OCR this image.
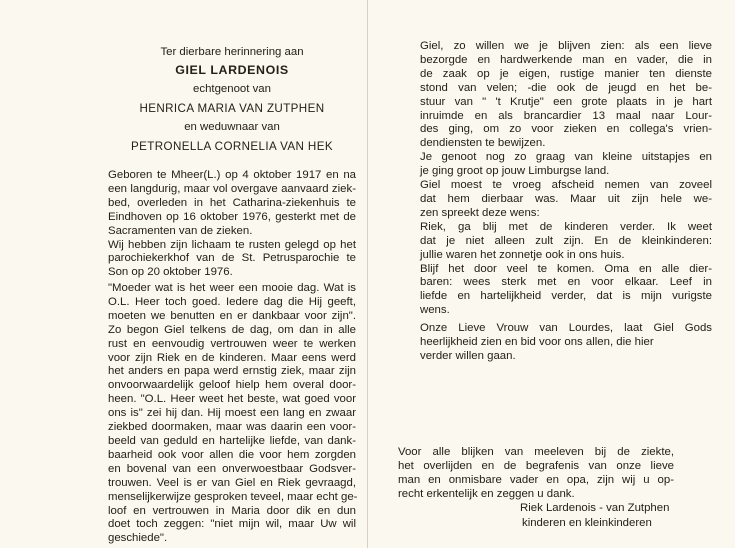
Ter dierbare herinnering aan
GIEL LARDENOIS
echtgenoot van
HENRICA MARIA VAN ZUTPHEN
en weduwnaar van
PETRONELLA CORNELIA VAN HEK
Geboren te Mheer(L.) op 4 oktober 1917 en na
een langdurig, maar vol overgave aanvaard ziek-
bed, overleden in het Catharina-ziekenhuis te
Eindhoven op 16 oktober 1976, gesterkt met de
Sacramenten van de zieken.
Wij hebben zijn lichaam te rusten gelegd op het
parochiekerkhof van de St. Petrusparochie te
Son op 20 oktober 1976.
"Moeder wat is het weer een mooie dag. Wat is
O.L. Heer toch goed. Iedere dag die Hij geeft,
moeten we benutten en er dankbaar voor zijn".
Zo begon Giel telkens de dag, om dan in alle
rust en eenvoudig vertrouwen weer te werken
voor zijn Riek en de kinderen. Maar eens werd
het anders en papa werd ernstig ziek, maar zijn
onvoorwaardelijk geloof hielp hem overal door-
heen. "O.L. Heer weet het beste, wat goed voor
ons is" zei hij dan. Hij moest een lang en zwaar
ziekbed doormaken, maar was daarin een voor-
beeld van geduld en hartelijke liefde, van dank-
baarheid ook voor allen die voor hem zorgden
en bovenal van een onverwoestbaar Godsver-
trouwen. Veel is er van Giel en Riek gevraagd,
menselijkerwijze gesproken teveel, maar echt ge-
loof en vertrouwen in Maria door dik en dun
doet toch zeggen: "niet mijn wil, maar Uw wil
geschiede".
Giel, zo willen we je blijven zien: als een lieve
bezorgde en hardwerkende man en vader, die in
de zaak op je eigen, rustige manier ten dienste
stond van velen; -die ook de jeugd en het be-
stuur van " 't Krutje" een grote plaats in je hart
inruimde en als brancardier 13 maal naar Lour-
des ging, om zo voor zieken en collega's vrien-
dendiensten te bewijzen.
Je genoot nog zo graag van kleine uitstapjes en
je ging groot op jouw Limburgse land.
Giel moest te vroeg afscheid nemen van zoveel
dat hem dierbaar was. Maar uit zijn hele we-
zen spreekt deze wens:
Riek, ga blij met de kinderen verder. Ik weet
dat je niet alleen zult zijn. En de kleinkinderen:
jullie waren het zonnetje ook in ons huis.
Blijf het door veel te komen. Oma en alle dier-
baren: wees sterk met en voor elkaar. Leef in
liefde en hartelijkheid verder, dat is mijn vurigste
wens.
Onze Lieve Vrouw van Lourdes, laat Giel Gods
heerlijkheid zien en bid voor ons allen, die hier
verder willen gaan.
Voor alle blijken van meeleven bij de ziekte,
het overlijden en de begrafenis van onze lieve
man en onmisbare vader en opa, zijn wij u op-
recht erkentelijk en zeggen u dank.
Riek Lardenois - van Zutphen
kinderen en kleinkinderen
